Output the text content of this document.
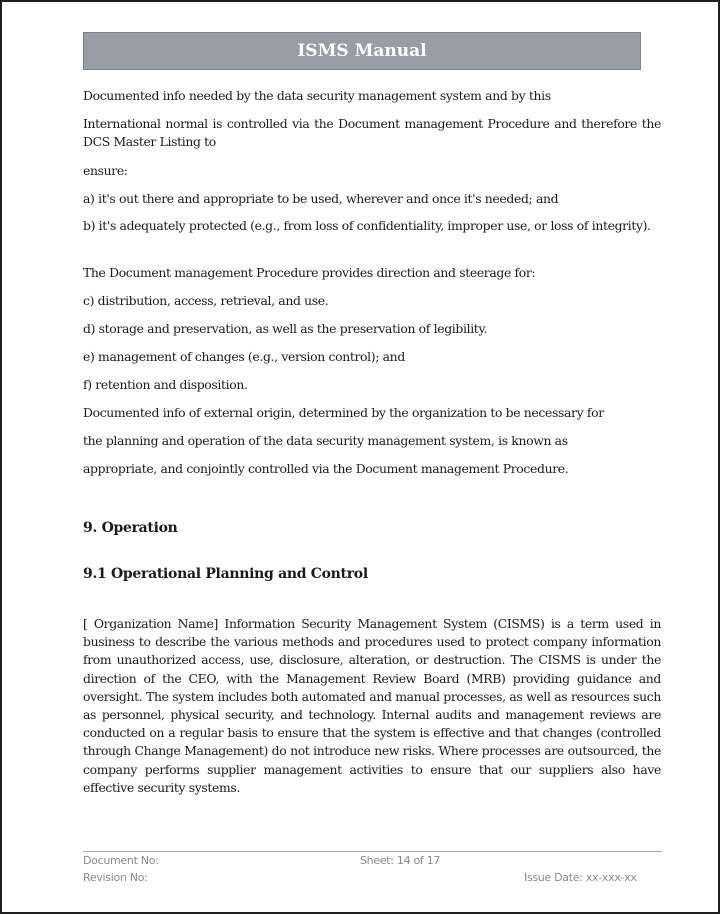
ISMS Manual
Documented info needed by the data security management system and by this
International normal is controlled via the Document management Procedure and therefore the DCS Master Listing to
ensure:
a) it's out there and appropriate to be used, wherever and once it's needed; and
b) it's adequately protected (e.g., from loss of confidentiality, improper use, or loss of integrity).
The Document management Procedure provides direction and steerage for:
c) distribution, access, retrieval, and use.
d) storage and preservation, as well as the preservation of legibility.
e) management of changes (e.g., version control); and
f) retention and disposition.
Documented info of external origin, determined by the organization to be necessary for
the planning and operation of the data security management system, is known as
appropriate, and conjointly controlled via the Document management Procedure.
9. Operation
9.1 Operational Planning and Control
[ Organization Name] Information Security Management System (CISMS) is a term used in business to describe the various methods and procedures used to protect company information from unauthorized access, use, disclosure, alteration, or destruction. The CISMS is under the direction of the CEO, with the Management Review Board (MRB) providing guidance and oversight. The system includes both automated and manual processes, as well as resources such as personnel, physical security, and technology. Internal audits and management reviews are conducted on a regular basis to ensure that the system is effective and that changes (controlled through Change Management) do not introduce new risks. Where processes are outsourced, the company performs supplier management activities to ensure that our suppliers also have effective security systems.
Document No:
Revision No:
Sheet: 14 of 17
Issue Date: xx-xxx-xx
